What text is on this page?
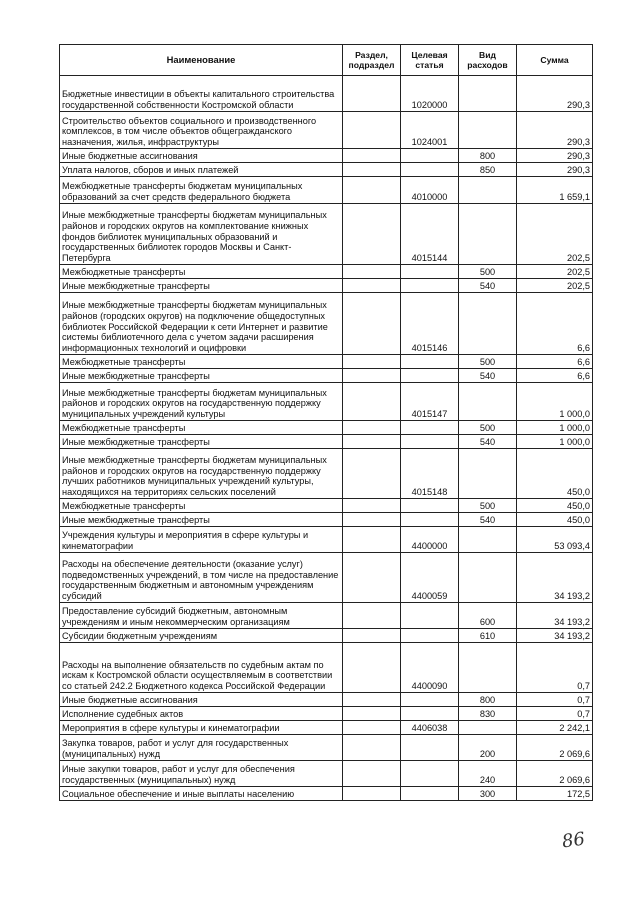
Наименование	Раздел, подраздел	Целевая статья	Вид расходов	Сумма
Бюджетные инвестиции в объекты капитального строительства государственной собственности Костромской области		1020000		290,3
Строительство объектов социального и производственного комплексов, в том числе объектов общегражданского назначения, жилья, инфраструктуры		1024001		290,3
Иные бюджетные ассигнования			800	290,3
Уплата налогов, сборов и иных платежей			850	290,3
Межбюджетные трансферты бюджетам муниципальных образований за счет средств федерального бюджета		4010000		1 659,1
Иные межбюджетные трансферты бюджетам муниципальных районов и городских округов на комплектование книжных фондов библиотек муниципальных образований и государственных библиотек городов Москвы и Санкт-Петербурга		4015144		202,5
Межбюджетные трансферты			500	202,5
Иные межбюджетные трансферты			540	202,5
Иные межбюджетные трансферты бюджетам муниципальных районов (городских округов) на подключение общедоступных библиотек Российской Федерации к сети Интернет и развитие системы библиотечного дела с учетом задачи расширения информационных технологий и оцифровки		4015146		6,6
Межбюджетные трансферты			500	6,6
Иные межбюджетные трансферты			540	6,6
Иные межбюджетные трансферты бюджетам муниципальных районов и городских округов на государственную поддержку муниципальных учреждений культуры		4015147		1 000,0
Межбюджетные трансферты			500	1 000,0
Иные межбюджетные трансферты			540	1 000,0
Иные межбюджетные трансферты бюджетам муниципальных районов и городских округов на государственную поддержку лучших работников муниципальных учреждений культуры, находящихся на территориях сельских поселений		4015148		450,0
Межбюджетные трансферты			500	450,0
Иные межбюджетные трансферты			540	450,0
Учреждения культуры и мероприятия в сфере культуры и кинематографии		4400000		53 093,4
Расходы на обеспечение деятельности (оказание услуг) подведомственных учреждений, в том числе на предоставление государственным бюджетным и автономным учреждениям субсидий		4400059		34 193,2
Предоставление субсидий бюджетным, автономным учреждениям и иным некоммерческим организациям			600	34 193,2
Субсидии бюджетным учреждениям			610	34 193,2
Расходы на выполнение обязательств по судебным актам по искам к Костромской области осуществляемым в соответствии со статьей 242.2 Бюджетного кодекса Российской Федерации		4400090		0,7
Иные бюджетные ассигнования			800	0,7
Исполнение судебных актов			830	0,7
Мероприятия в сфере культуры и кинематографии		4406038		2 242,1
Закупка товаров, работ и услуг для государственных (муниципальных) нужд			200	2 069,6
Иные закупки товаров, работ и услуг для обеспечения государственных (муниципальных) нужд			240	2 069,6
Социальное обеспечение и иные выплаты населению			300	172,5
86
